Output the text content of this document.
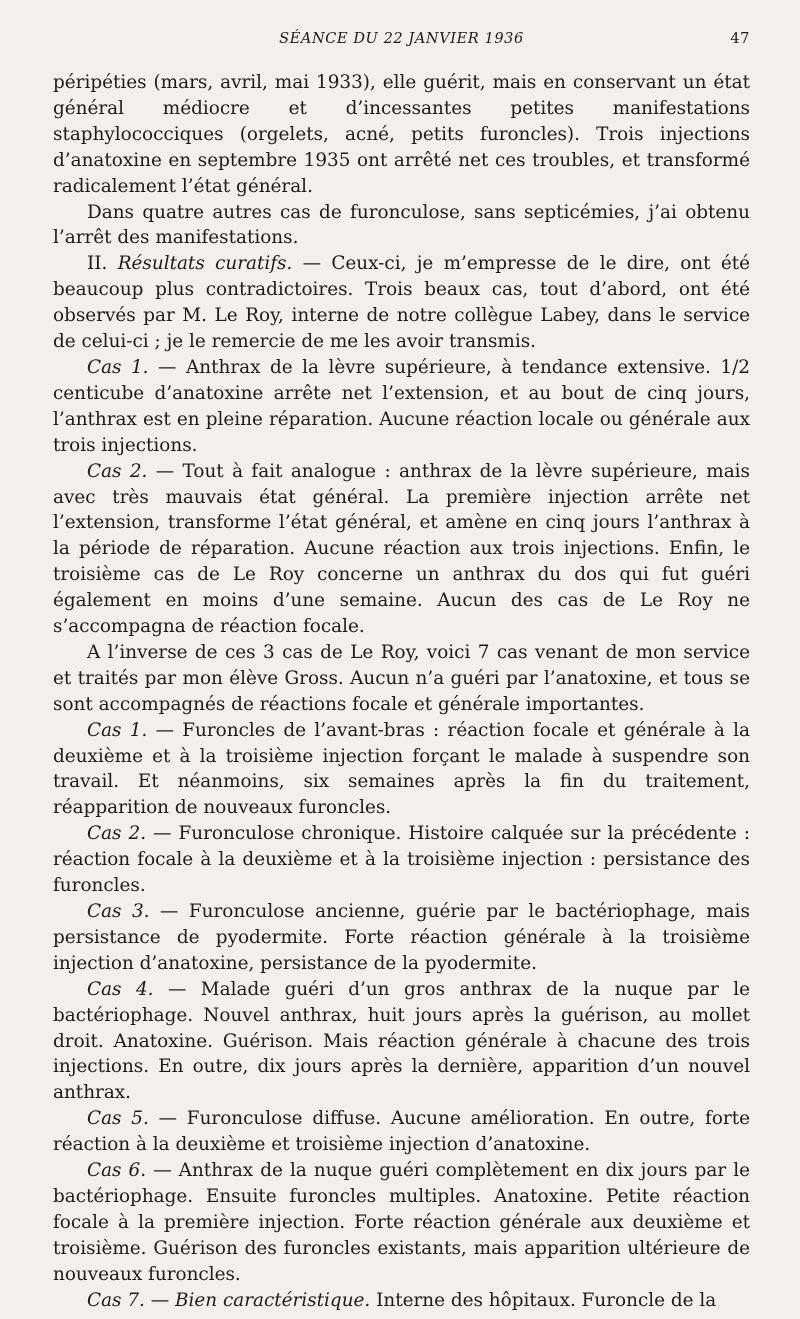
SÉANCE DU 22 JANVIER 1936	47

péripéties (mars, avril, mai 1933), elle guérit, mais en conservant un état général médiocre et d’incessantes petites manifestations staphylococciques (orgelets, acné, petits furoncles). Trois injections d’anatoxine en septembre 1935 ont arrêté net ces troubles, et transformé radicalement l’état général.

Dans quatre autres cas de furonculose, sans septicémies, j’ai obtenu l’arrêt des manifestations.

II. Résultats curatifs. — Ceux-ci, je m’empresse de le dire, ont été beaucoup plus contradictoires. Trois beaux cas, tout d’abord, ont été observés par M. Le Roy, interne de notre collègue Labey, dans le service de celui-ci ; je le remercie de me les avoir transmis.

Cas 1. — Anthrax de la lèvre supérieure, à tendance extensive. 1/2 centicube d’anatoxine arrête net l’extension, et au bout de cinq jours, l’anthrax est en pleine réparation. Aucune réaction locale ou générale aux trois injections.

Cas 2. — Tout à fait analogue : anthrax de la lèvre supérieure, mais avec très mauvais état général. La première injection arrête net l’extension, transforme l’état général, et amène en cinq jours l’anthrax à la période de réparation. Aucune réaction aux trois injections. Enfin, le troisième cas de Le Roy concerne un anthrax du dos qui fut guéri également en moins d’une semaine. Aucun des cas de Le Roy ne s’accompagna de réaction focale.

A l’inverse de ces 3 cas de Le Roy, voici 7 cas venant de mon service et traités par mon élève Gross. Aucun n’a guéri par l’anatoxine, et tous se sont accompagnés de réactions focale et générale importantes.

Cas 1. — Furoncles de l’avant-bras : réaction focale et générale à la deuxième et à la troisième injection forçant le malade à suspendre son travail. Et néanmoins, six semaines après la fin du traitement, réapparition de nouveaux furoncles.

Cas 2. — Furonculose chronique. Histoire calquée sur la précédente : réaction focale à la deuxième et à la troisième injection : persistance des furoncles.

Cas 3. — Furonculose ancienne, guérie par le bactériophage, mais persistance de pyodermite. Forte réaction générale à la troisième injection d’anatoxine, persistance de la pyodermite.

Cas 4. — Malade guéri d’un gros anthrax de la nuque par le bactériophage. Nouvel anthrax, huit jours après la guérison, au mollet droit. Anatoxine. Guérison. Mais réaction générale à chacune des trois injections. En outre, dix jours après la dernière, apparition d’un nouvel anthrax.

Cas 5. — Furonculose diffuse. Aucune amélioration. En outre, forte réaction à la deuxième et troisième injection d’anatoxine.

Cas 6. — Anthrax de la nuque guéri complètement en dix jours par le bactériophage. Ensuite furoncles multiples. Anatoxine. Petite réaction focale à la première injection. Forte réaction générale aux deuxième et troisième. Guérison des furoncles existants, mais apparition ultérieure de nouveaux furoncles.

Cas 7. — Bien caractéristique. Interne des hôpitaux. Furoncle de la
